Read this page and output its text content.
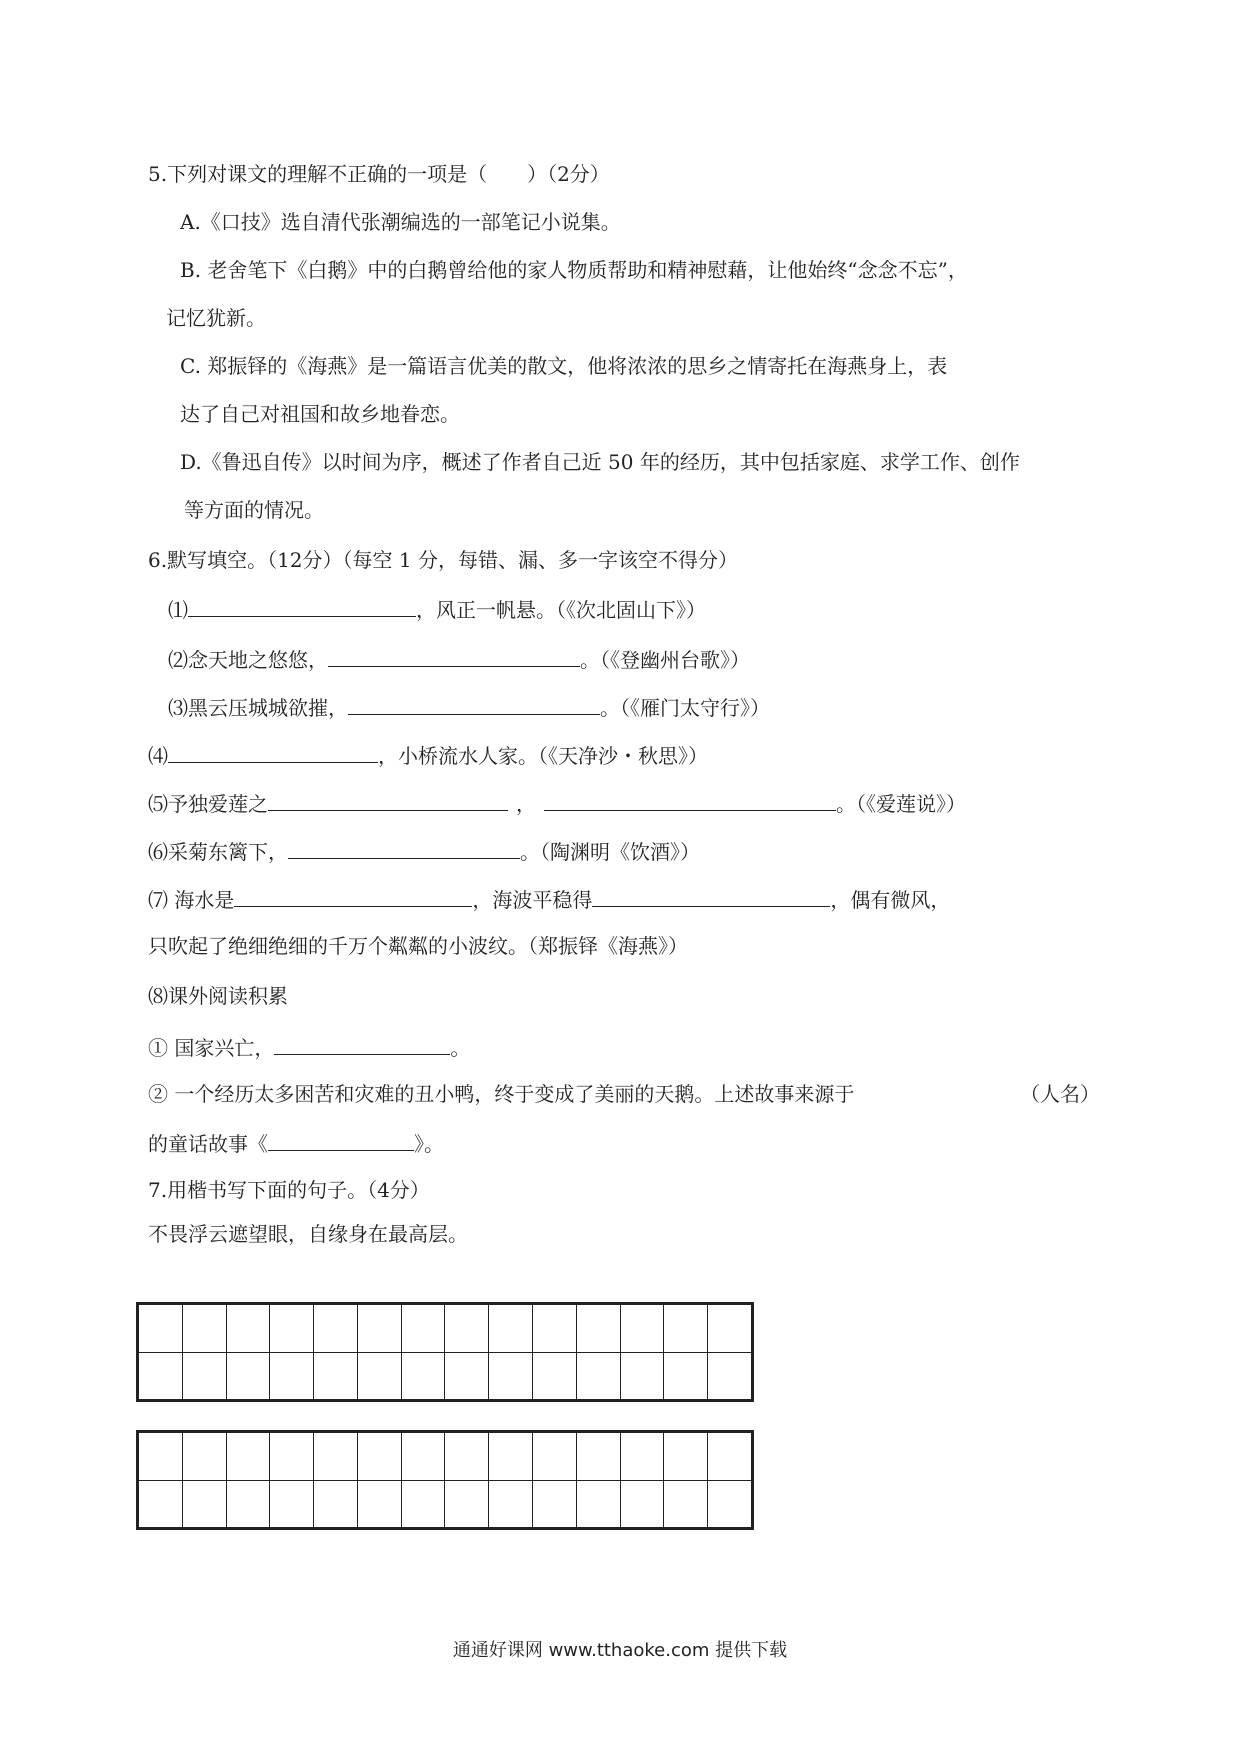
5.下列对课文的理解不正确的一项是（　　）（2分）
A.《口技》选自清代张潮编选的一部笔记小说集。
B. 老舍笔下《白鹅》中的白鹅曾给他的家人物质帮助和精神慰藉，让他始终“念念不忘”，
记忆犹新。
C. 郑振铎的《海燕》是一篇语言优美的散文，他将浓浓的思乡之情寄托在海燕身上，表
达了自己对祖国和故乡地眷恋。
D.《鲁迅自传》以时间为序，概述了作者自己近 50 年的经历，其中包括家庭、求学工作、创作
等方面的情况。
6.默写填空。（12分）（每空 1 分，每错、漏、多一字该空不得分）
⑴	，风正一帆悬。（《次北固山下》）
⑵念天地之悠悠，	。（《登幽州台歌》）
⑶黑云压城城欲摧，	。（《雁门太守行》）
⑷	，小桥流水人家。（《天净沙・秋思》）
⑸予独爱莲之	，	。（《爱莲说》）
⑹采菊东篱下，	。（陶渊明《饮酒》）
⑺ 海水是	，海波平稳得	，偶有微风，
只吹起了绝细绝细的千万个粼粼的小波纹。（郑振铎《海燕》）
⑻课外阅读积累
① 国家兴亡，	。
② 一个经历太多困苦和灾难的丑小鸭，终于变成了美丽的天鹅。上述故事来源于	（人名）
的童话故事《	》。
7.用楷书写下面的句子。（4分）
不畏浮云遮望眼，自缘身在最高层。

通通好课网 www.tthaoke.com 提供下载
